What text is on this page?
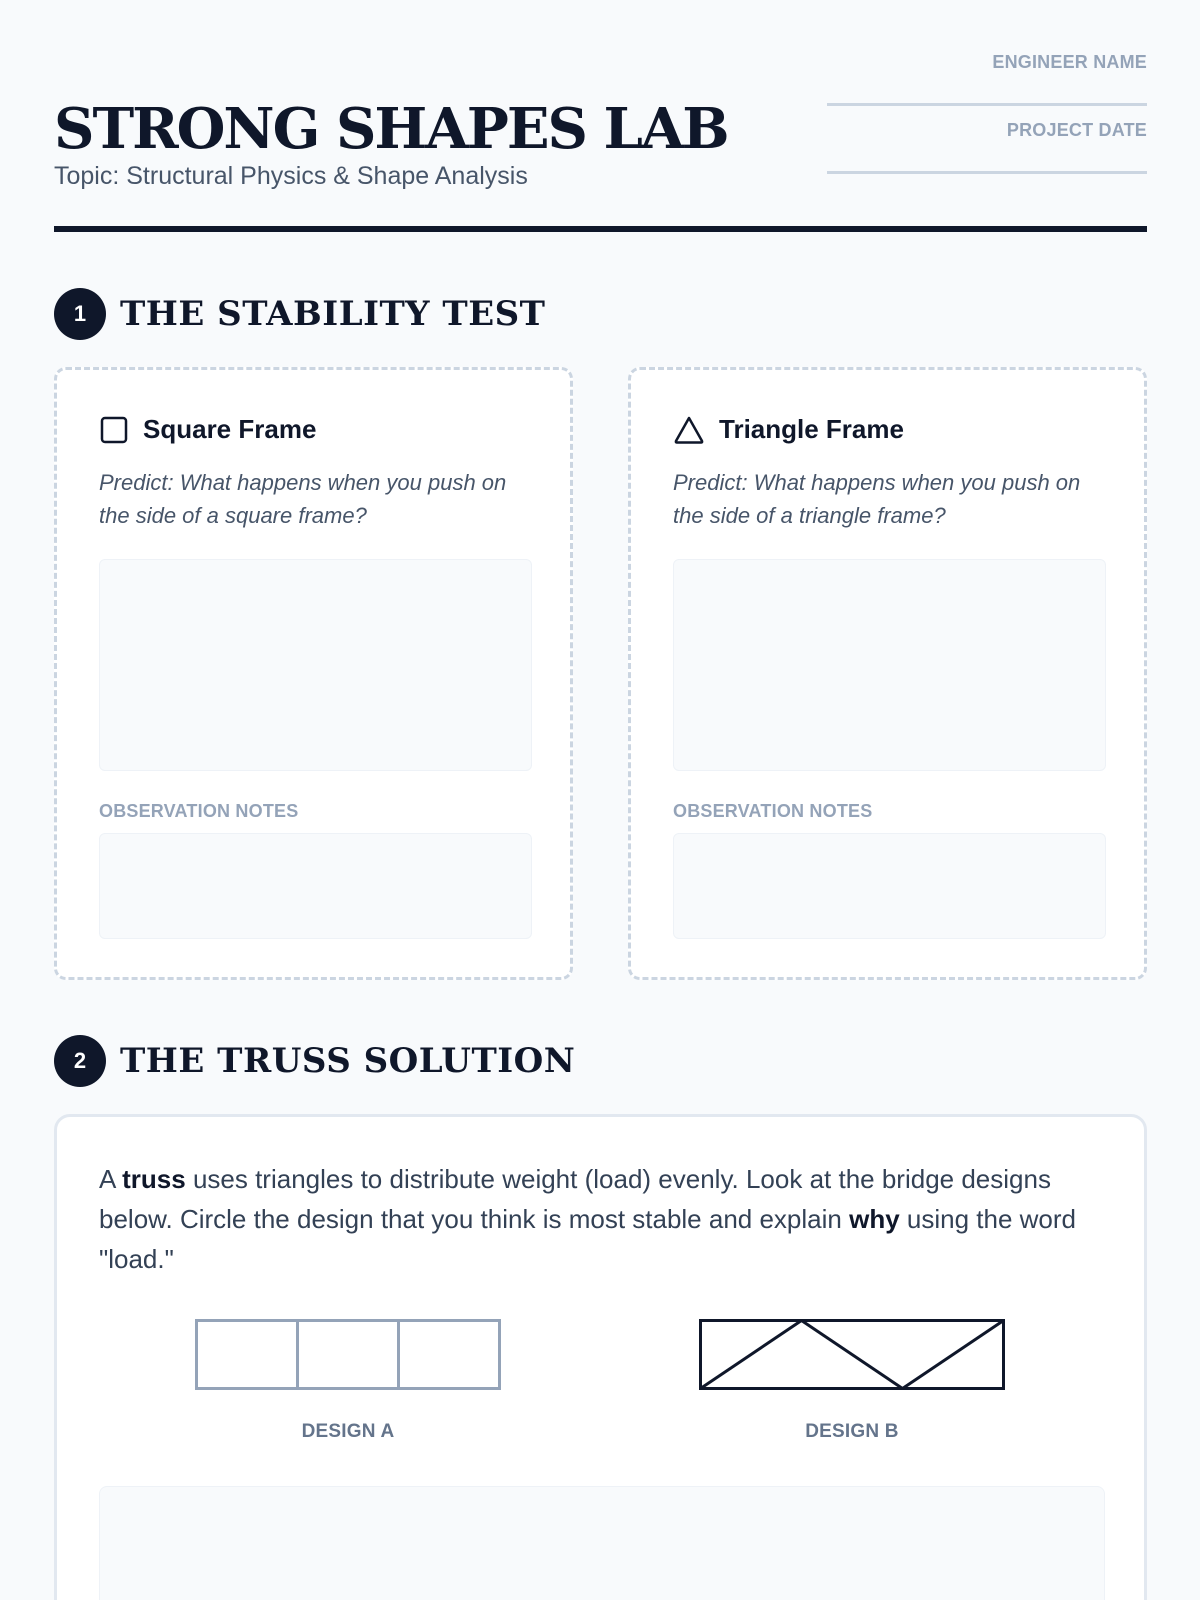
STRONG SHAPES LAB
Topic: Structural Physics & Shape Analysis
ENGINEER NAME
PROJECT DATE
1 THE STABILITY TEST
Square Frame
Predict: What happens when you push on the side of a square frame?
OBSERVATION NOTES
Triangle Frame
Predict: What happens when you push on the side of a triangle frame?
OBSERVATION NOTES
2 THE TRUSS SOLUTION

A truss uses triangles to distribute weight (load) evenly. Look at the bridge designs below. Circle the design that you think is most stable and explain why using the word "load."

DESIGN A	DESIGN B
